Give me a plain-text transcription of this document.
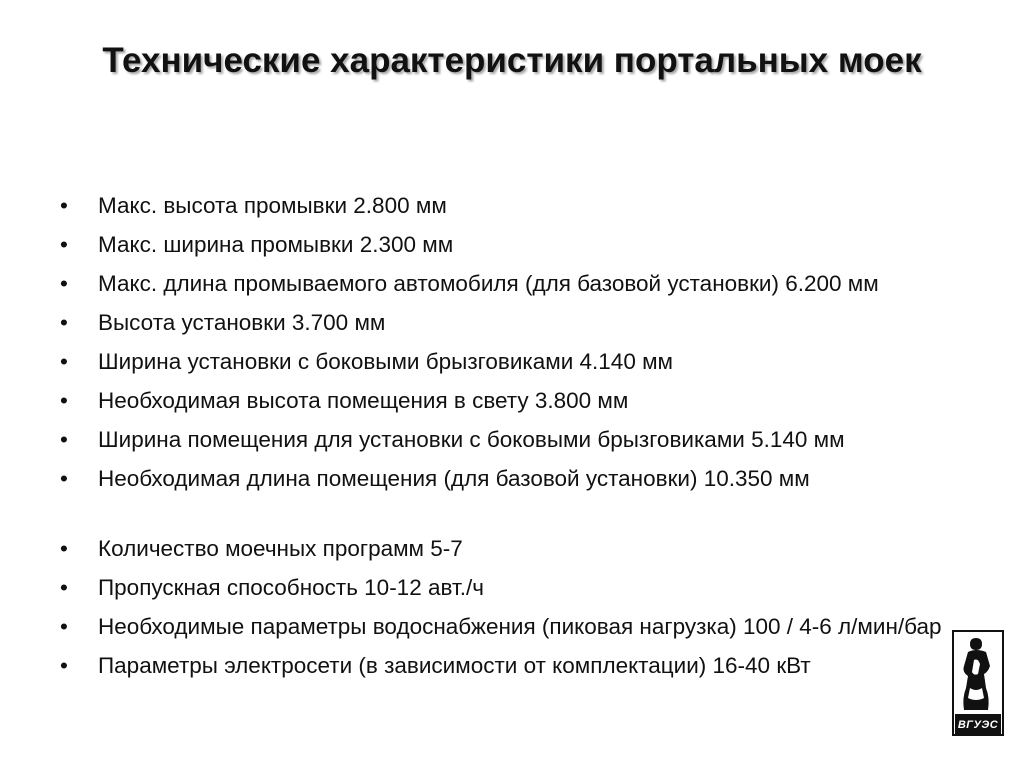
Технические характеристики портальных моек
•	Макс. высота промывки 2.800 мм
•	Макс. ширина промывки 2.300 мм
•	Макс. длина промываемого автомобиля (для базовой установки) 6.200 мм
•	Высота установки 3.700 мм
•	Ширина установки с боковыми брызговиками 4.140 мм
•	Необходимая высота помещения в свету 3.800 мм
•	Ширина помещения для установки с боковыми брызговиками 5.140 мм
•	Необходимая длина помещения (для базовой установки) 10.350 мм
•	Количество моечных программ 5-7
•	Пропускная способность 10-12 авт./ч
•	Необходимые параметры водоснабжения (пиковая нагрузка) 100 / 4-6 л/мин/бар
•	Параметры электросети (в зависимости от комплектации) 16-40 кВт
ВГУЭС
